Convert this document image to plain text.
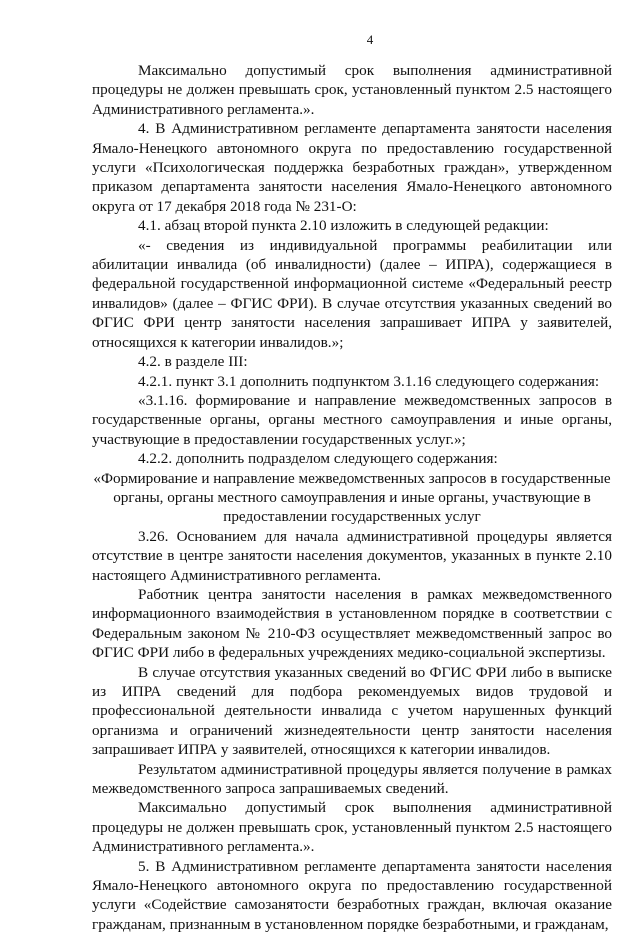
4

Максимально допустимый срок выполнения административной процедуры не должен превышать срок, установленный пунктом 2.5 настоящего Административного регламента.».

4. В Административном регламенте департамента занятости населения Ямало-Ненецкого автономного округа по предоставлению государственной услуги «Психологическая поддержка безработных граждан», утвержденном приказом департамента занятости населения Ямало-Ненецкого автономного округа от 17 декабря 2018 года № 231-О:

4.1. абзац второй пункта 2.10 изложить в следующей редакции:

«- сведения из индивидуальной программы реабилитации или абилитации инвалида (об инвалидности) (далее – ИПРА), содержащиеся в федеральной государственной информационной системе «Федеральный реестр инвалидов» (далее – ФГИС ФРИ). В случае отсутствия указанных сведений во ФГИС ФРИ центр занятости населения запрашивает ИПРА у заявителей, относящихся к категории инвалидов.»;

4.2. в разделе III:

4.2.1. пункт 3.1 дополнить подпунктом 3.1.16 следующего содержания:

«3.1.16. формирование и направление межведомственных запросов в государственные органы, органы местного самоуправления и иные органы, участвующие в предоставлении государственных услуг.»;

4.2.2. дополнить подразделом следующего содержания:

«Формирование и направление межведомственных запросов в государственные органы, органы местного самоуправления и иные органы, участвующие в предоставлении государственных услуг

3.26. Основанием для начала административной процедуры является отсутствие в центре занятости населения документов, указанных в пункте 2.10 настоящего Административного регламента.

Работник центра занятости населения в рамках межведомственного информационного взаимодействия в установленном порядке в соответствии с Федеральным законом № 210-ФЗ осуществляет межведомственный запрос во ФГИС ФРИ либо в федеральных учреждениях медико-социальной экспертизы.

В случае отсутствия указанных сведений во ФГИС ФРИ либо в выписке из ИПРА сведений для подбора рекомендуемых видов трудовой и профессиональной деятельности инвалида с учетом нарушенных функций организма и ограничений жизнедеятельности центр занятости населения запрашивает ИПРА у заявителей, относящихся к категории инвалидов.

Результатом административной процедуры является получение в рамках межведомственного запроса запрашиваемых сведений.

Максимально допустимый срок выполнения административной процедуры не должен превышать срок, установленный пунктом 2.5 настоящего Административного регламента.».

5. В Административном регламенте департамента занятости населения Ямало-Ненецкого автономного округа по предоставлению государственной услуги «Содействие самозанятости безработных граждан, включая оказание гражданам, признанным в установленном порядке безработными, и гражданам,
